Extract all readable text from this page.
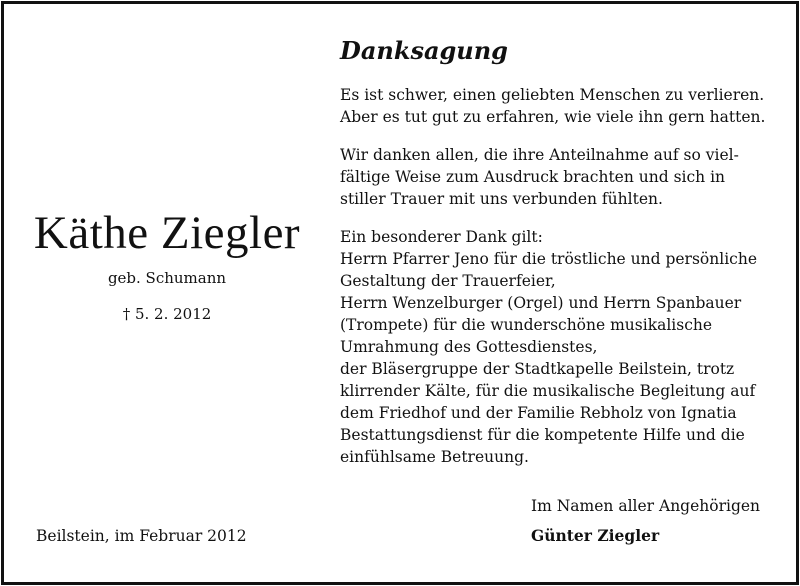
Käthe Ziegler
geb. Schumann
† 5. 2. 2012
Beilstein, im Februar 2012
Danksagung

Es ist schwer, einen geliebten Menschen zu verlieren.
Aber es tut gut zu erfahren, wie viele ihn gern hatten.

Wir danken allen, die ihre Anteilnahme auf so viel-
fältige Weise zum Ausdruck brachten und sich in
stiller Trauer mit uns verbunden fühlten.

Ein besonderer Dank gilt:
Herrn Pfarrer Jeno für die tröstliche und persönliche
Gestaltung der Trauerfeier,
Herrn Wenzelburger (Orgel) und Herrn Spanbauer
(Trompete) für die wunderschöne musikalische
Umrahmung des Gottesdienstes,
der Bläsergruppe der Stadtkapelle Beilstein, trotz
klirrender Kälte, für die musikalische Begleitung auf
dem Friedhof und der Familie Rebholz von Ignatia
Bestattungsdienst für die kompetente Hilfe und die
einfühlsame Betreuung.

Im Namen aller Angehörigen
Günter Ziegler
